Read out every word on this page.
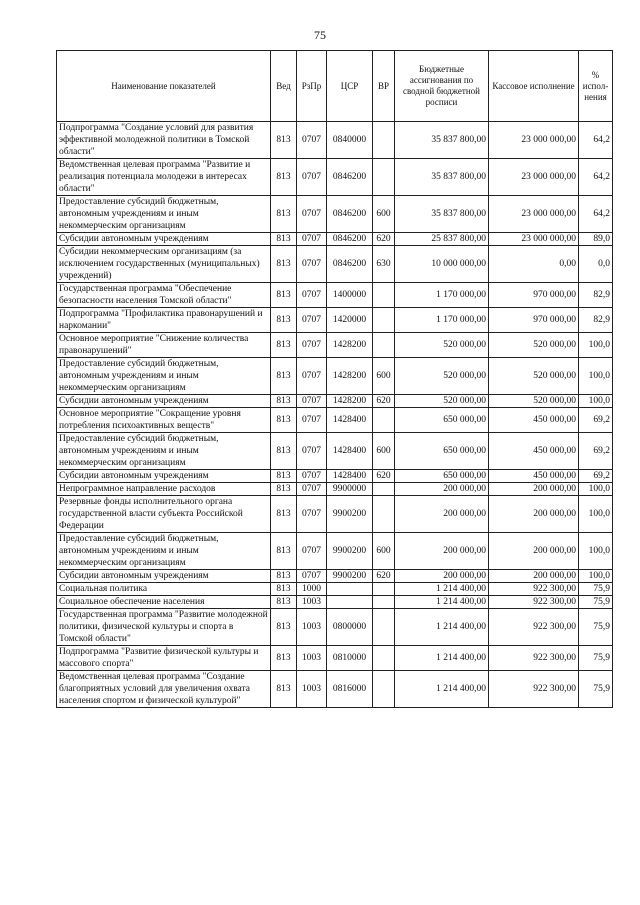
75
Наименование показателей	Вед	РзПр	ЦСР	ВР	Бюджетные ассигнования по сводной бюджетной росписи	Кассовое исполнение	% испол-нения
Подпрограмма "Создание условий для развития эффективной молодежной политики в Томской области"	813	0707	0840000		35 837 800,00	23 000 000,00	64,2
Ведомственная целевая программа "Развитие и реализация потенциала молодежи в интересах области"	813	0707	0846200		35 837 800,00	23 000 000,00	64,2
Предоставление субсидий бюджетным, автономным учреждениям и иным некоммерческим организациям	813	0707	0846200	600	35 837 800,00	23 000 000,00	64,2
Субсидии автономным учреждениям	813	0707	0846200	620	25 837 800,00	23 000 000,00	89,0
Субсидии некоммерческим организациям (за исключением государственных (муниципальных) учреждений)	813	0707	0846200	630	10 000 000,00	0,00	0,0
Государственная программа "Обеспечение безопасности населения Томской области"	813	0707	1400000		1 170 000,00	970 000,00	82,9
Подпрограмма "Профилактика правонарушений и наркомании"	813	0707	1420000		1 170 000,00	970 000,00	82,9
Основное мероприятие "Снижение количества правонарушений"	813	0707	1428200		520 000,00	520 000,00	100,0
Предоставление субсидий бюджетным, автономным учреждениям и иным некоммерческим организациям	813	0707	1428200	600	520 000,00	520 000,00	100,0
Субсидии автономным учреждениям	813	0707	1428200	620	520 000,00	520 000,00	100,0
Основное мероприятие "Сокращение уровня потребления психоактивных веществ"	813	0707	1428400		650 000,00	450 000,00	69,2
Предоставление субсидий бюджетным, автономным учреждениям и иным некоммерческим организациям	813	0707	1428400	600	650 000,00	450 000,00	69,2
Субсидии автономным учреждениям	813	0707	1428400	620	650 000,00	450 000,00	69,2
Непрограммное направление расходов	813	0707	9900000		200 000,00	200 000,00	100,0
Резервные фонды исполнительного органа государственной власти субъекта Российской Федерации	813	0707	9900200		200 000,00	200 000,00	100,0
Предоставление субсидий бюджетным, автономным учреждениям и иным некоммерческим организациям	813	0707	9900200	600	200 000,00	200 000,00	100,0
Субсидии автономным учреждениям	813	0707	9900200	620	200 000,00	200 000,00	100,0
Социальная политика	813	1000			1 214 400,00	922 300,00	75,9
Социальное обеспечение населения	813	1003			1 214 400,00	922 300,00	75,9
Государственная программа "Развитие молодежной политики, физической культуры и спорта в Томской области"	813	1003	0800000		1 214 400,00	922 300,00	75,9
Подпрограмма "Развитие физической культуры и массового спорта"	813	1003	0810000		1 214 400,00	922 300,00	75,9
Ведомственная целевая программа "Создание благоприятных условий для увеличения охвата населения спортом и физической культурой"	813	1003	0816000		1 214 400,00	922 300,00	75,9
